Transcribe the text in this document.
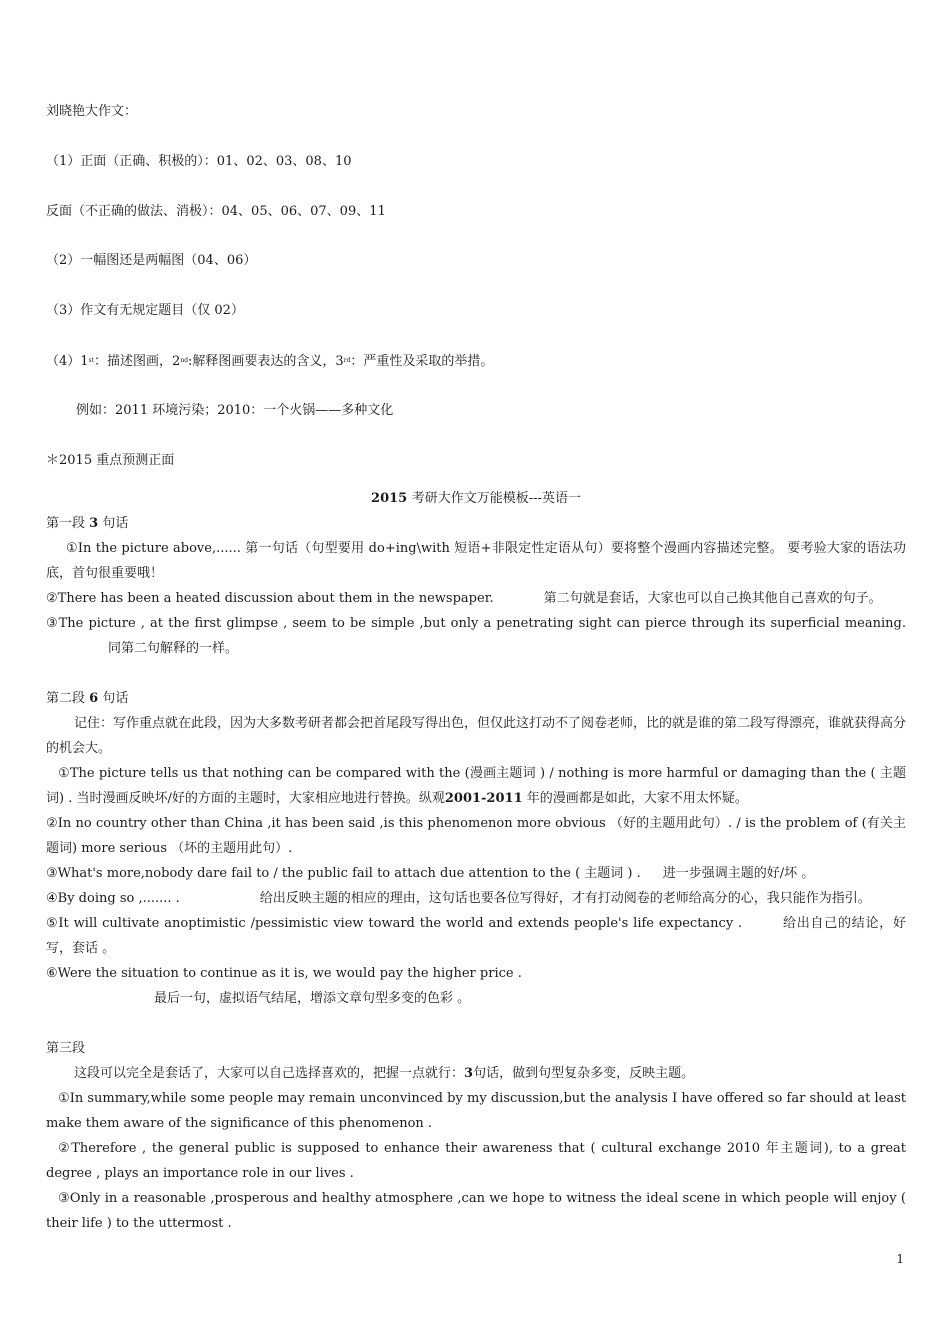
刘晓艳大作文：

（1）正面（正确、积极的）：01、02、03、08、10

反面（不正确的做法、消极）：04、05、06、07、09、11

（2）一幅图还是两幅图（04、06）

（3）作文有无规定题目（仅 02）

（4）1st：描述图画，2nd:解释图画要表达的含义，3rd：严重性及采取的举措。

例如：2011 环境污染；2010：一个火锅——多种文化

＊2015 重点预测正面

2015 考研大作文万能模板---英语一

第一段 3 句话

①In the picture above,...... 第一句话（句型要用 do+ing\with 短语+非限定性定语从句）要将整个漫画内容描述完整。 要考验大家的语法功底，首句很重要哦！

②There has been a heated discussion about them in the newspaper.	第二句就是套话，大家也可以自己换其他自己喜欢的句子。

③The picture , at the first glimpse , seem to be simple ,but only a penetrating sight can pierce through its superficial meaning.同第二句解释的一样。

第二段 6 句话

记住：写作重点就在此段，因为大多数考研者都会把首尾段写得出色，但仅此这打动不了阅卷老师，比的就是谁的第二段写得漂亮，谁就获得高分的机会大。

①The picture tells us that nothing can be compared with the (漫画主题词 ) / nothing is more harmful or damaging than the ( 主题词) . 当时漫画反映坏/好的方面的主题时，大家相应地进行替换。纵观2001-2011 年的漫画都是如此，大家不用太怀疑。

②In no country other than China ,it has been said ,is this phenomenon more obvious （好的主题用此句）. / is the problem of (有关主题词) more serious （坏的主题用此句）.

③What's more,nobody dare fail to / the public fail to attach due attention to the ( 主题词 ) . 进一步强调主题的好/坏 。

④By doing so ,....... .	给出反映主题的相应的理由，这句话也要各位写得好，才有打动阅卷的老师给高分的心，我只能作为指引。

⑤It will cultivate anoptimistic /pessimistic view toward the world and extends people's life expectancy .	给出自己的结论，好写，套话 。

⑥Were the situation to continue as it is, we would pay the higher price .

最后一句，虚拟语气结尾，增添文章句型多变的色彩 。

第三段

这段可以完全是套话了，大家可以自己选择喜欢的，把握一点就行：3句话，做到句型复杂多变，反映主题。

①In summary,while some people may remain unconvinced by my discussion,but the analysis I have offered so far should at least make them aware of the significance of this phenomenon .

②Therefore , the general public is supposed to enhance their awareness that ( cultural exchange 2010 年主题词), to a great degree , plays an importance role in our lives .

③Only in a reasonable ,prosperous and healthy atmosphere ,can we hope to witness the ideal scene in which people will enjoy ( their life ) to the uttermost .

1
